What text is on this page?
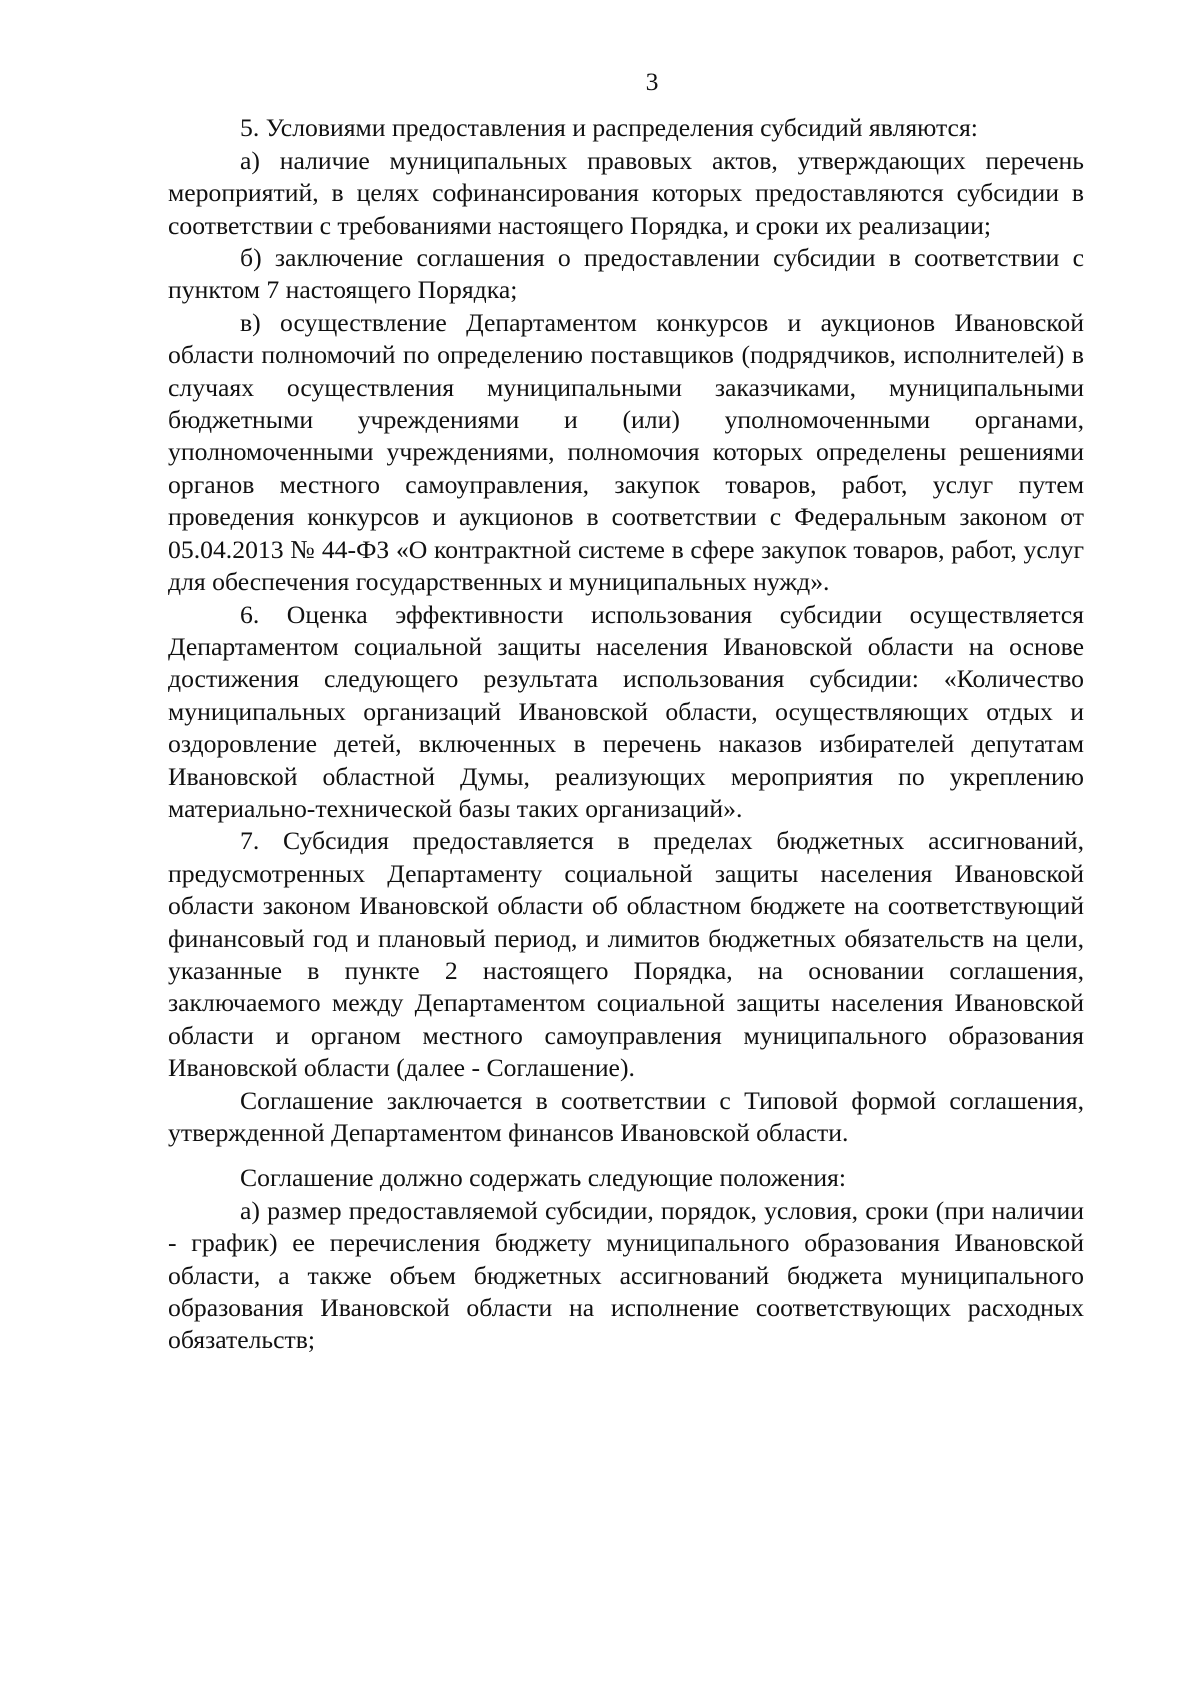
3

5. Условиями предоставления и распределения субсидий являются:

а) наличие муниципальных правовых актов, утверждающих перечень мероприятий, в целях софинансирования которых предоставляются субсидии в соответствии с требованиями настоящего Порядка, и сроки их реализации;

б) заключение соглашения о предоставлении субсидии в соответствии с пунктом 7 настоящего Порядка;

в) осуществление Департаментом конкурсов и аукционов Ивановской области полномочий по определению поставщиков (подрядчиков, исполнителей) в случаях осуществления муниципальными заказчиками, муниципальными бюджетными учреждениями и (или) уполномоченными органами, уполномоченными учреждениями, полномочия которых определены решениями органов местного самоуправления, закупок товаров, работ, услуг путем проведения конкурсов и аукционов в соответствии с Федеральным законом от 05.04.2013 № 44-ФЗ «О контрактной системе в сфере закупок товаров, работ, услуг для обеспечения государственных и муниципальных нужд».

6. Оценка эффективности использования субсидии осуществляется Департаментом социальной защиты населения Ивановской области на основе достижения следующего результата использования субсидии: «Количество муниципальных организаций Ивановской области, осуществляющих отдых и оздоровление детей, включенных в перечень наказов избирателей депутатам Ивановской областной Думы, реализующих мероприятия по укреплению материально-технической базы таких организаций».

7. Субсидия предоставляется в пределах бюджетных ассигнований, предусмотренных Департаменту социальной защиты населения Ивановской области законом Ивановской области об областном бюджете на соответствующий финансовый год и плановый период, и лимитов бюджетных обязательств на цели, указанные в пункте 2 настоящего Порядка, на основании соглашения, заключаемого между Департаментом социальной защиты населения Ивановской области и органом местного самоуправления муниципального образования Ивановской области (далее - Соглашение).

Соглашение заключается в соответствии с Типовой формой соглашения, утвержденной Департаментом финансов Ивановской области.

Соглашение должно содержать следующие положения:

а) размер предоставляемой субсидии, порядок, условия, сроки (при наличии - график) ее перечисления бюджету муниципального образования Ивановской области, а также объем бюджетных ассигнований бюджета муниципального образования Ивановской области на исполнение соответствующих расходных обязательств;
